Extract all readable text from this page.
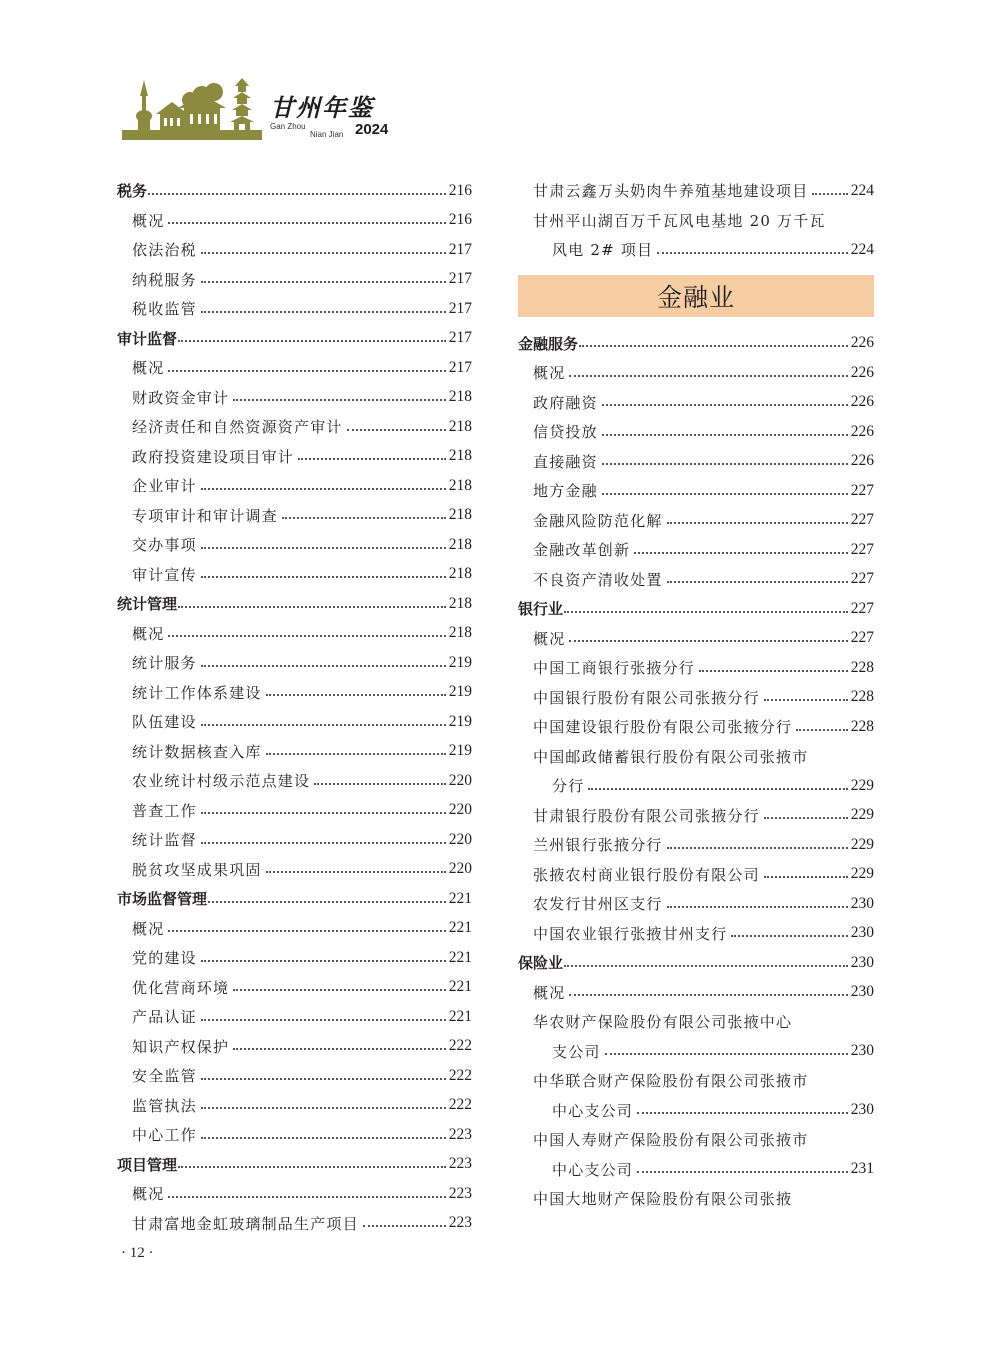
甘州年鉴
Gan Zhou
Nian Jian 2024
税务	216
概况	216
依法治税	217
纳税服务	217
税收监管	217
审计监督	217
概况	217
财政资金审计	218
经济责任和自然资源资产审计	218
政府投资建设项目审计	218
企业审计	218
专项审计和审计调查	218
交办事项	218
审计宣传	218
统计管理	218
概况	218
统计服务	219
统计工作体系建设	219
队伍建设	219
统计数据核查入库	219
农业统计村级示范点建设	220
普查工作	220
统计监督	220
脱贫攻坚成果巩固	220
市场监督管理	221
概况	221
党的建设	221
优化营商环境	221
产品认证	221
知识产权保护	222
安全监管	222
监管执法	222
中心工作	223
项目管理	223
概况	223
甘肃富地金虹玻璃制品生产项目	223
甘肃云鑫万头奶肉牛养殖基地建设项目	224
甘州平山湖百万千瓦风电基地 20 万千瓦
风电 2# 项目	224
金融业
金融服务	226
概况	226
政府融资	226
信贷投放	226
直接融资	226
地方金融	227
金融风险防范化解	227
金融改革创新	227
不良资产清收处置	227
银行业	227
概况	227
中国工商银行张掖分行	228
中国银行股份有限公司张掖分行	228
中国建设银行股份有限公司张掖分行	228
中国邮政储蓄银行股份有限公司张掖市
分行	229
甘肃银行股份有限公司张掖分行	229
兰州银行张掖分行	229
张掖农村商业银行股份有限公司	229
农发行甘州区支行	230
中国农业银行张掖甘州支行	230
保险业	230
概况	230
华农财产保险股份有限公司张掖中心
支公司	230
中华联合财产保险股份有限公司张掖市
中心支公司	230
中国人寿财产保险股份有限公司张掖市
中心支公司	231
中国大地财产保险股份有限公司张掖
· 12 ·
